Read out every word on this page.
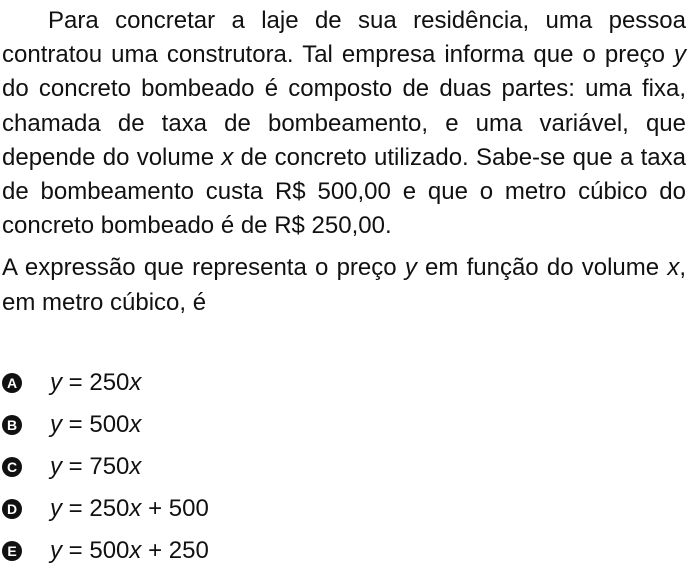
Para concretar a laje de sua residência, uma pessoa contratou uma construtora. Tal empresa informa que o preço y do concreto bombeado é composto de duas partes: uma fixa, chamada de taxa de bombeamento, e uma variável, que depende do volume x de concreto utilizado. Sabe-se que a taxa de bombeamento custa R$ 500,00 e que o metro cúbico do concreto bombeado é de R$ 250,00.

A expressão que representa o preço y em função do volume x, em metro cúbico, é

A y = 250x
B y = 500x
C y = 750x
D y = 250x + 500
E y = 500x + 250
